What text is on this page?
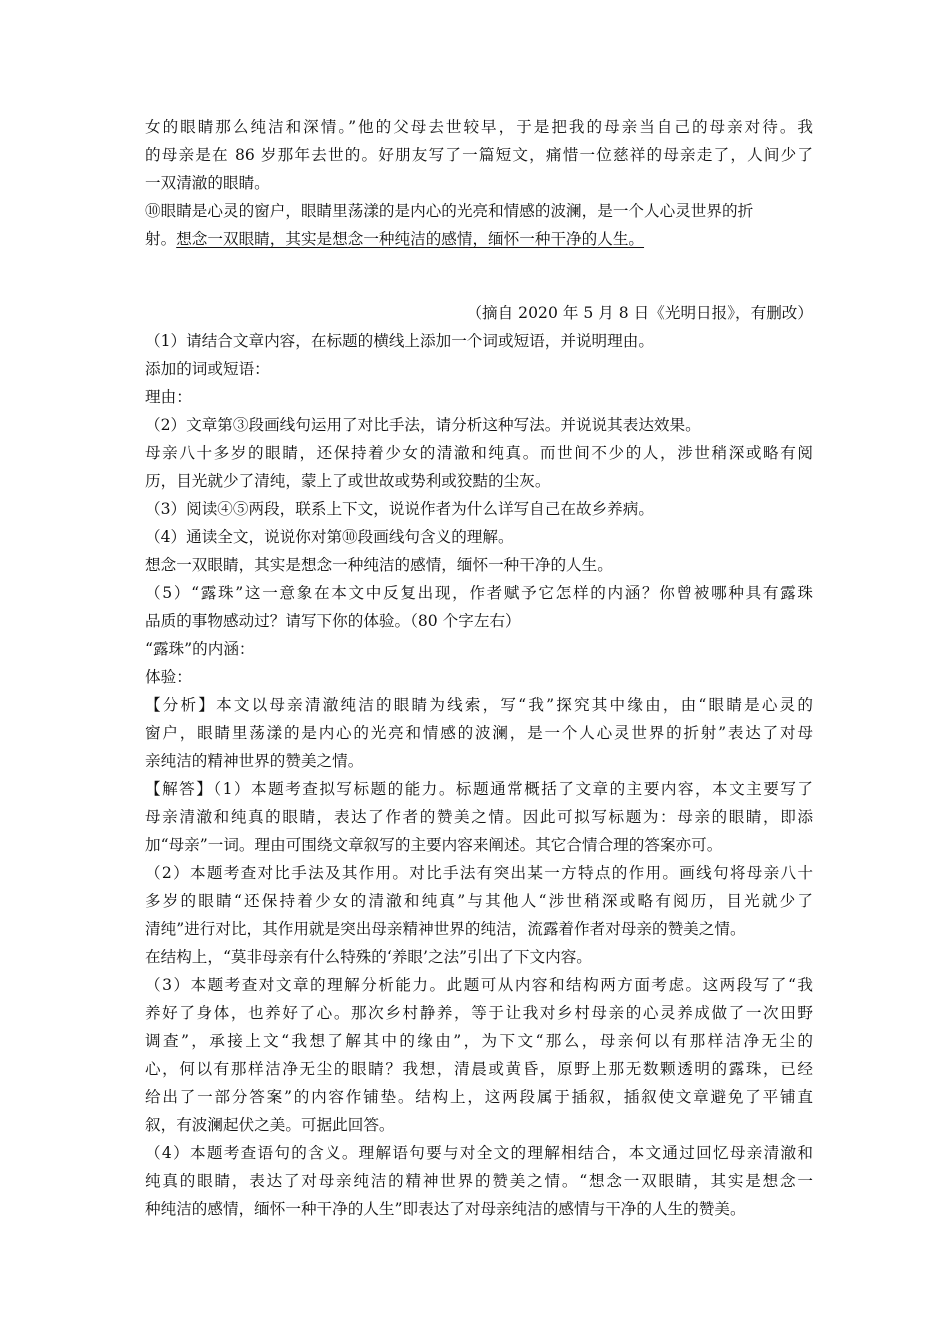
女的眼睛那么纯洁和深情。”他的父母去世较早，于是把我的母亲当自己的母亲对待。我
的母亲是在 86 岁那年去世的。好朋友写了一篇短文，痛惜一位慈祥的母亲走了，人间少了
一双清澈的眼睛。
⑩眼睛是心灵的窗户，眼睛里荡漾的是内心的光亮和情感的波澜，是一个人心灵世界的折
射。想念一双眼睛，其实是想念一种纯洁的感情，缅怀一种干净的人生。
（摘自 2020 年 5 月 8 日《光明日报》，有删改）
（1）请结合文章内容，在标题的横线上添加一个词或短语，并说明理由。
添加的词或短语：
理由：
（2）文章第③段画线句运用了对比手法，请分析这种写法。并说说其表达效果。
母亲八十多岁的眼睛，还保持着少女的清澈和纯真。而世间不少的人，涉世稍深或略有阅
历，目光就少了清纯，蒙上了或世故或势利或狡黠的尘灰。
（3）阅读④⑤两段，联系上下文，说说作者为什么详写自己在故乡养病。
（4）通读全文，说说你对第⑩段画线句含义的理解。
想念一双眼睛，其实是想念一种纯洁的感情，缅怀一种干净的人生。
（5）“露珠”这一意象在本文中反复出现，作者赋予它怎样的内涵？你曾被哪种具有露珠
品质的事物感动过？请写下你的体验。（80 个字左右）
“露珠”的内涵：
体验：
【分析】本文以母亲清澈纯洁的眼睛为线索，写“我”探究其中缘由，由“眼睛是心灵的
窗户，眼睛里荡漾的是内心的光亮和情感的波澜，是一个人心灵世界的折射”表达了对母
亲纯洁的精神世界的赞美之情。
【解答】（1）本题考查拟写标题的能力。标题通常概括了文章的主要内容，本文主要写了
母亲清澈和纯真的眼睛，表达了作者的赞美之情。因此可拟写标题为：母亲的眼睛，即添
加“母亲”一词。理由可围绕文章叙写的主要内容来阐述。其它合情合理的答案亦可。
（2）本题考查对比手法及其作用。对比手法有突出某一方特点的作用。画线句将母亲八十
多岁的眼睛“还保持着少女的清澈和纯真”与其他人“涉世稍深或略有阅历，目光就少了
清纯”进行对比，其作用就是突出母亲精神世界的纯洁，流露着作者对母亲的赞美之情。
在结构上，“莫非母亲有什么特殊的‘养眼’之法”引出了下文内容。
（3）本题考查对文章的理解分析能力。此题可从内容和结构两方面考虑。这两段写了“我
养好了身体，也养好了心。那次乡村静养，等于让我对乡村母亲的心灵养成做了一次田野
调查”，承接上文“我想了解其中的缘由”，为下文“那么，母亲何以有那样洁净无尘的
心，何以有那样洁净无尘的眼睛？我想，清晨或黄昏，原野上那无数颗透明的露珠，已经
给出了一部分答案”的内容作铺垫。结构上，这两段属于插叙，插叙使文章避免了平铺直
叙，有波澜起伏之美。可据此回答。
（4）本题考查语句的含义。理解语句要与对全文的理解相结合，本文通过回忆母亲清澈和
纯真的眼睛，表达了对母亲纯洁的精神世界的赞美之情。“想念一双眼睛，其实是想念一
种纯洁的感情，缅怀一种干净的人生”即表达了对母亲纯洁的感情与干净的人生的赞美。
